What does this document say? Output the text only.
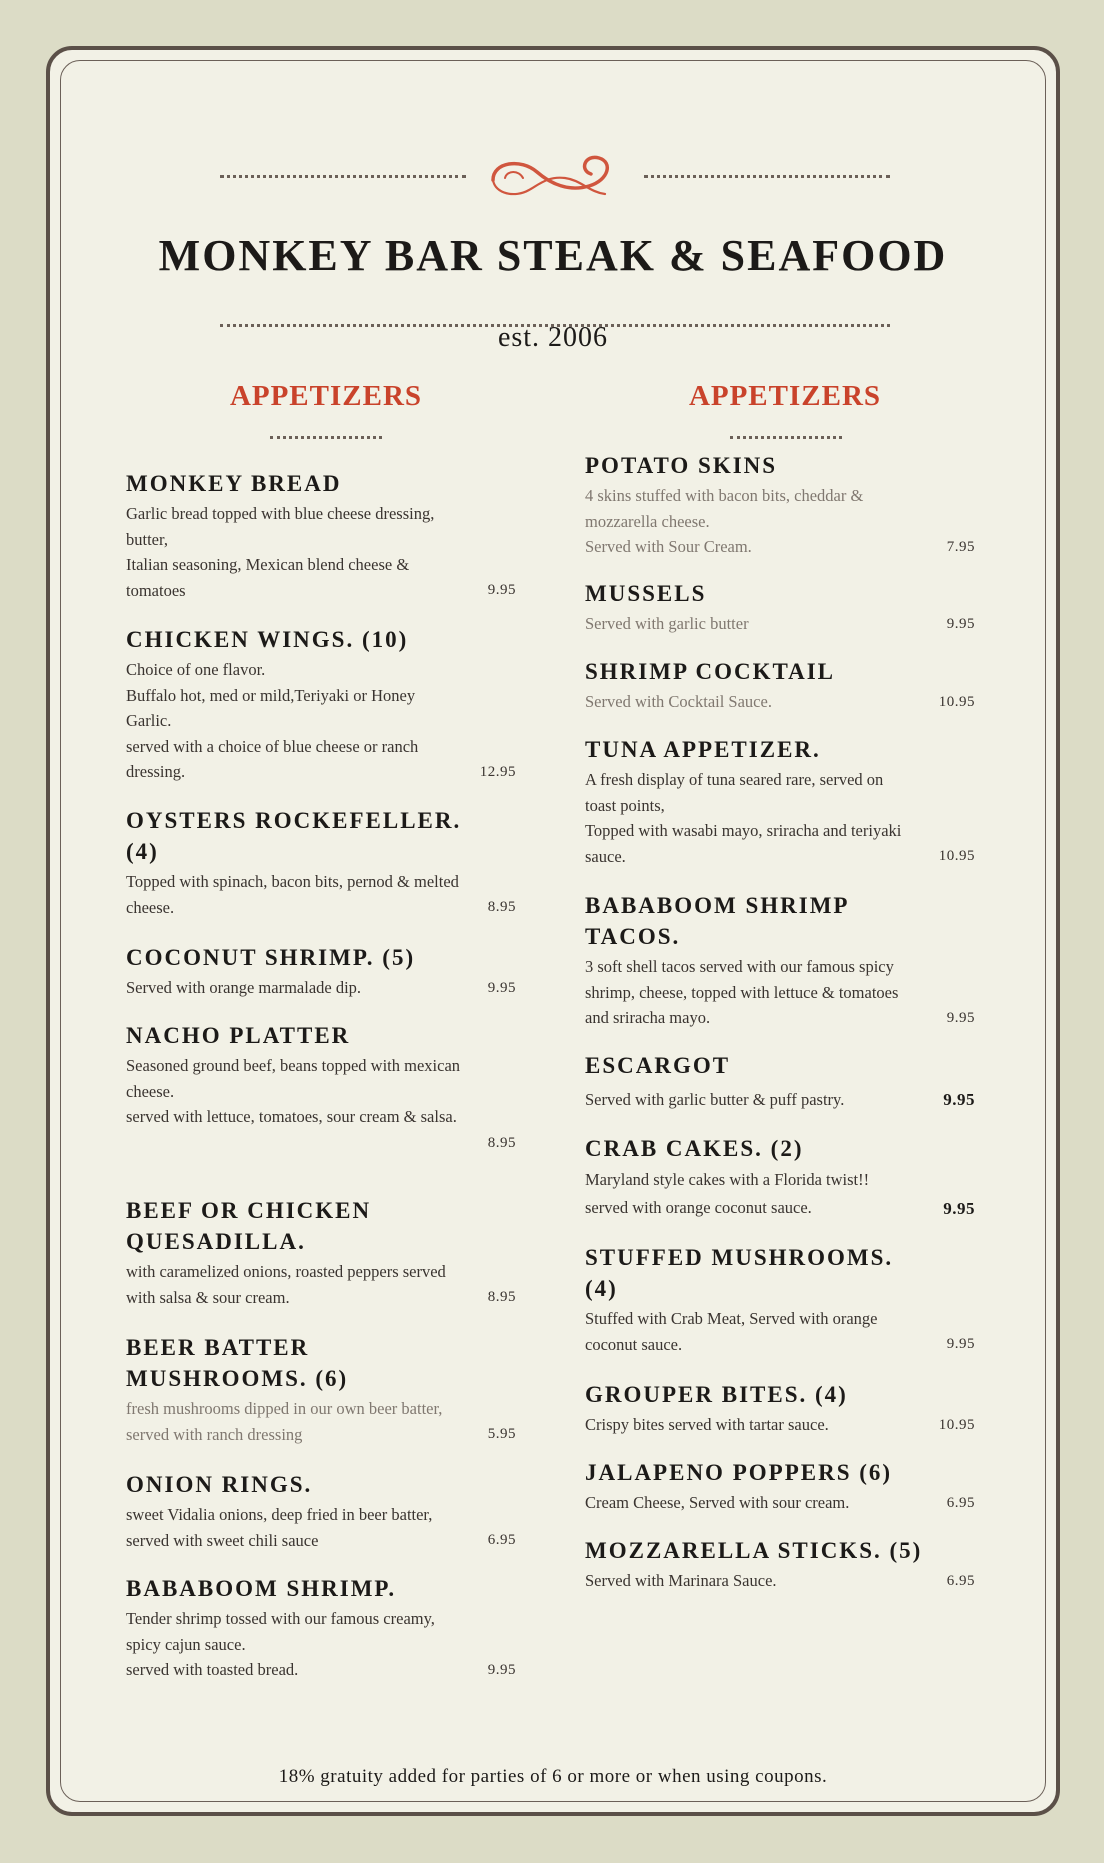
MONKEY BAR STEAK & SEAFOOD
est. 2006
APPETIZERS
MONKEY BREAD
Garlic bread topped with blue cheese dressing,
butter,
Italian seasoning, Mexican blend cheese &
tomatoes	9.95
CHICKEN WINGS. (10)
Choice of one flavor.
Buffalo hot, med or mild,Teriyaki or Honey
Garlic.
served with a choice of blue cheese or ranch
dressing.	12.95
OYSTERS ROCKEFELLER.
(4)
Topped with spinach, bacon bits, pernod & melted
cheese.	8.95
COCONUT SHRIMP. (5)
Served with orange marmalade dip.	9.95
NACHO PLATTER
Seasoned ground beef, beans topped with mexican
cheese.
served with lettuce, tomatoes, sour cream & salsa.
8.95
BEEF OR CHICKEN
QUESADILLA.
with caramelized onions, roasted peppers served
with salsa & sour cream.	8.95
BEER BATTER
MUSHROOMS. (6)
fresh mushrooms dipped in our own beer batter,
served with ranch dressing	5.95
ONION RINGS.
sweet Vidalia onions, deep fried in beer batter,
served with sweet chili sauce	6.95
BABABOOM SHRIMP.
Tender shrimp tossed with our famous creamy,
spicy cajun sauce.
served with toasted bread.	9.95
APPETIZERS
POTATO SKINS
4 skins stuffed with bacon bits, cheddar &
mozzarella cheese.
Served with Sour Cream.	7.95
MUSSELS
Served with garlic butter	9.95
SHRIMP COCKTAIL
Served with Cocktail Sauce.	10.95
TUNA APPETIZER.
A fresh display of tuna seared rare, served on
toast points,
Topped with wasabi mayo, sriracha and teriyaki
sauce.	10.95
BABABOOM SHRIMP
TACOS.
3 soft shell tacos served with our famous spicy
shrimp, cheese, topped with lettuce & tomatoes
and sriracha mayo.	9.95
ESCARGOT
Served with garlic butter & puff pastry.	9.95
CRAB CAKES. (2)
Maryland style cakes with a Florida twist!!
served with orange coconut sauce.	9.95
STUFFED MUSHROOMS.
(4)
Stuffed with Crab Meat, Served with orange
coconut sauce.	9.95
GROUPER BITES. (4)
Crispy bites served with tartar sauce.	10.95
JALAPENO POPPERS (6)
Cream Cheese, Served with sour cream.	6.95
MOZZARELLA STICKS. (5)
Served with Marinara Sauce.	6.95
18% gratuity added for parties of 6 or more or when using coupons.
